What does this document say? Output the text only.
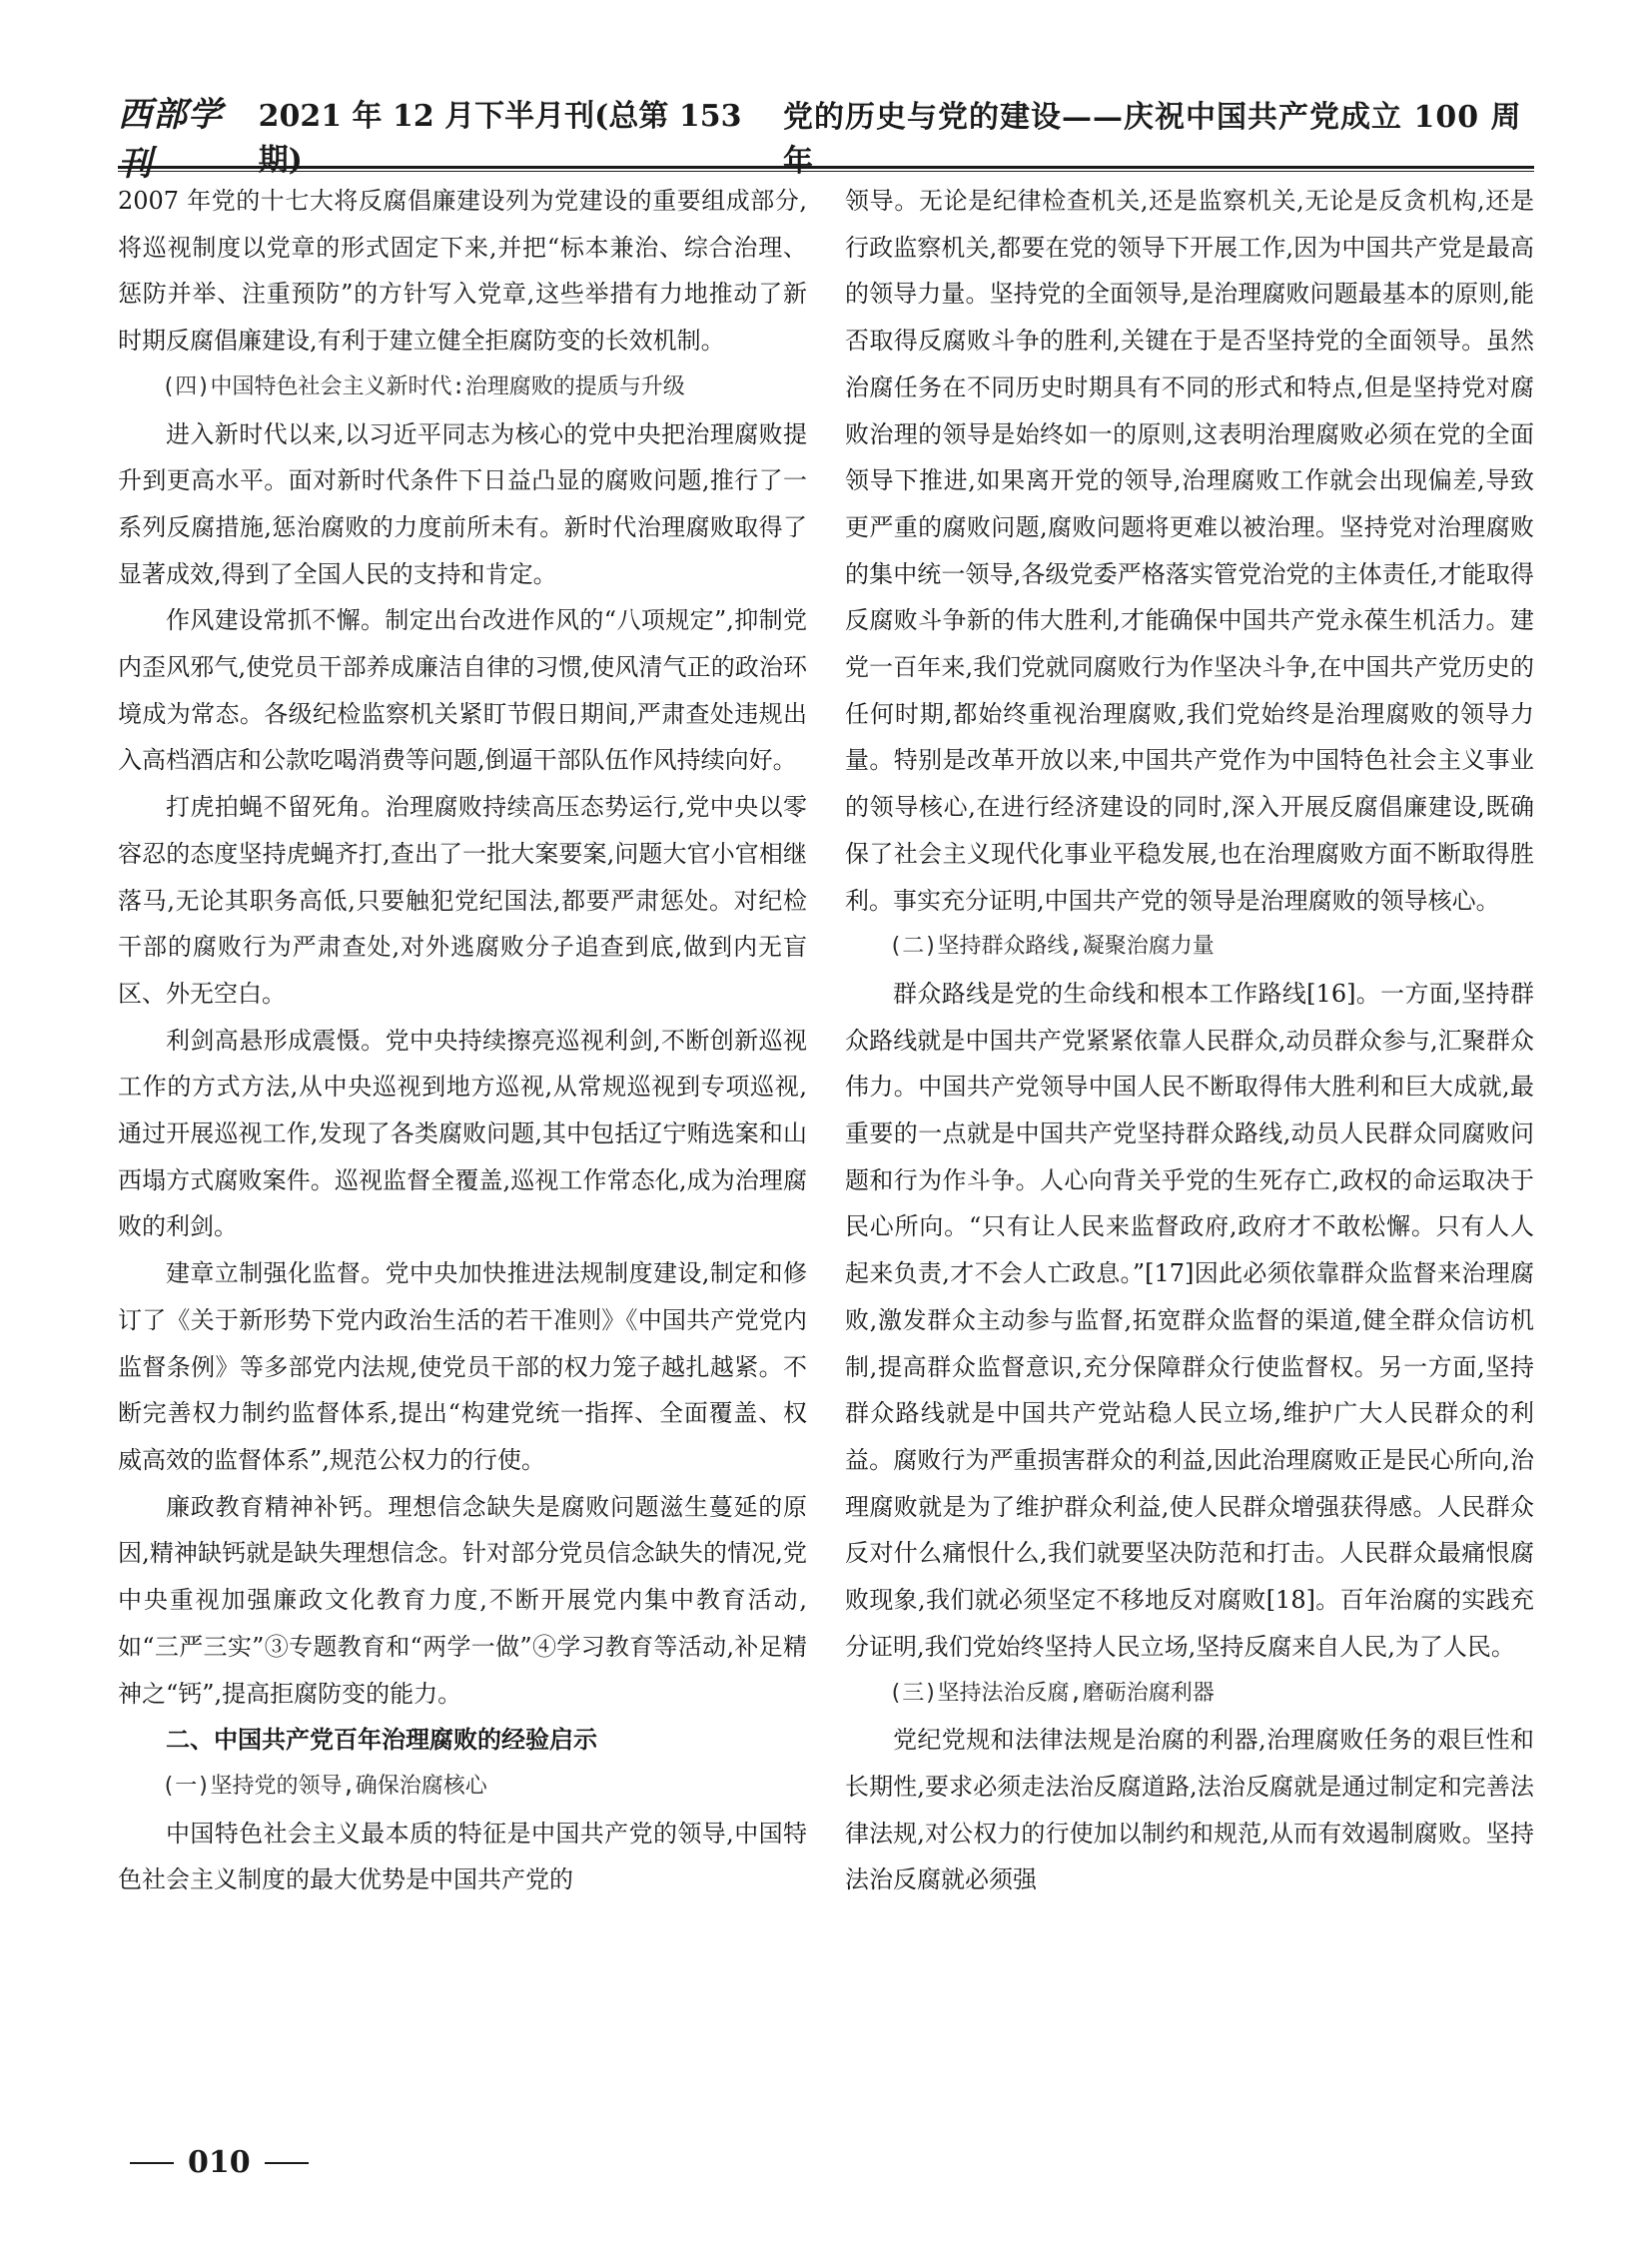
西部学刊
2021 年 12 月下半月刊(总第 153 期)
党的历史与党的建设——庆祝中国共产党成立 100 周年

2007 年党的十七大将反腐倡廉建设列为党建设的重要组成部分,将巡视制度以党章的形式固定下来,并把“标本兼治、综合治理、惩防并举、注重预防”的方针写入党章,这些举措有力地推动了新时期反腐倡廉建设,有利于建立健全拒腐防变的长效机制。

(四)中国特色社会主义新时代:治理腐败的提质与升级

进入新时代以来,以习近平同志为核心的党中央把治理腐败提升到更高水平。面对新时代条件下日益凸显的腐败问题,推行了一系列反腐措施,惩治腐败的力度前所未有。新时代治理腐败取得了显著成效,得到了全国人民的支持和肯定。

作风建设常抓不懈。制定出台改进作风的“八项规定”,抑制党内歪风邪气,使党员干部养成廉洁自律的习惯,使风清气正的政治环境成为常态。各级纪检监察机关紧盯节假日期间,严肃查处违规出入高档酒店和公款吃喝消费等问题,倒逼干部队伍作风持续向好。

打虎拍蝇不留死角。治理腐败持续高压态势运行,党中央以零容忍的态度坚持虎蝇齐打,查出了一批大案要案,问题大官小官相继落马,无论其职务高低,只要触犯党纪国法,都要严肃惩处。对纪检干部的腐败行为严肃查处,对外逃腐败分子追查到底,做到内无盲区、外无空白。

利剑高悬形成震慑。党中央持续擦亮巡视利剑,不断创新巡视工作的方式方法,从中央巡视到地方巡视,从常规巡视到专项巡视,通过开展巡视工作,发现了各类腐败问题,其中包括辽宁贿选案和山西塌方式腐败案件。巡视监督全覆盖,巡视工作常态化,成为治理腐败的利剑。

建章立制强化监督。党中央加快推进法规制度建设,制定和修订了《关于新形势下党内政治生活的若干准则》《中国共产党党内监督条例》等多部党内法规,使党员干部的权力笼子越扎越紧。不断完善权力制约监督体系,提出“构建党统一指挥、全面覆盖、权威高效的监督体系”,规范公权力的行使。

廉政教育精神补钙。理想信念缺失是腐败问题滋生蔓延的原因,精神缺钙就是缺失理想信念。针对部分党员信念缺失的情况,党中央重视加强廉政文化教育力度,不断开展党内集中教育活动,如“三严三实”③专题教育和“两学一做”④学习教育等活动,补足精神之“钙”,提高拒腐防变的能力。

二、中国共产党百年治理腐败的经验启示

(一)坚持党的领导,确保治腐核心

中国特色社会主义最本质的特征是中国共产党的领导,中国特色社会主义制度的最大优势是中国共产党的

领导。无论是纪律检查机关,还是监察机关,无论是反贪机构,还是行政监察机关,都要在党的领导下开展工作,因为中国共产党是最高的领导力量。坚持党的全面领导,是治理腐败问题最基本的原则,能否取得反腐败斗争的胜利,关键在于是否坚持党的全面领导。虽然治腐任务在不同历史时期具有不同的形式和特点,但是坚持党对腐败治理的领导是始终如一的原则,这表明治理腐败必须在党的全面领导下推进,如果离开党的领导,治理腐败工作就会出现偏差,导致更严重的腐败问题,腐败问题将更难以被治理。坚持党对治理腐败的集中统一领导,各级党委严格落实管党治党的主体责任,才能取得反腐败斗争新的伟大胜利,才能确保中国共产党永葆生机活力。建党一百年来,我们党就同腐败行为作坚决斗争,在中国共产党历史的任何时期,都始终重视治理腐败,我们党始终是治理腐败的领导力量。特别是改革开放以来,中国共产党作为中国特色社会主义事业的领导核心,在进行经济建设的同时,深入开展反腐倡廉建设,既确保了社会主义现代化事业平稳发展,也在治理腐败方面不断取得胜利。事实充分证明,中国共产党的领导是治理腐败的领导核心。

(二)坚持群众路线,凝聚治腐力量

群众路线是党的生命线和根本工作路线[16]。一方面,坚持群众路线就是中国共产党紧紧依靠人民群众,动员群众参与,汇聚群众伟力。中国共产党领导中国人民不断取得伟大胜利和巨大成就,最重要的一点就是中国共产党坚持群众路线,动员人民群众同腐败问题和行为作斗争。人心向背关乎党的生死存亡,政权的命运取决于民心所向。“只有让人民来监督政府,政府才不敢松懈。只有人人起来负责,才不会人亡政息。”[17]因此必须依靠群众监督来治理腐败,激发群众主动参与监督,拓宽群众监督的渠道,健全群众信访机制,提高群众监督意识,充分保障群众行使监督权。另一方面,坚持群众路线就是中国共产党站稳人民立场,维护广大人民群众的利益。腐败行为严重损害群众的利益,因此治理腐败正是民心所向,治理腐败就是为了维护群众利益,使人民群众增强获得感。人民群众反对什么痛恨什么,我们就要坚决防范和打击。人民群众最痛恨腐败现象,我们就必须坚定不移地反对腐败[18]。百年治腐的实践充分证明,我们党始终坚持人民立场,坚持反腐来自人民,为了人民。

(三)坚持法治反腐,磨砺治腐利器

党纪党规和法律法规是治腐的利器,治理腐败任务的艰巨性和长期性,要求必须走法治反腐道路,法治反腐就是通过制定和完善法律法规,对公权力的行使加以制约和规范,从而有效遏制腐败。坚持法治反腐就必须强

010
